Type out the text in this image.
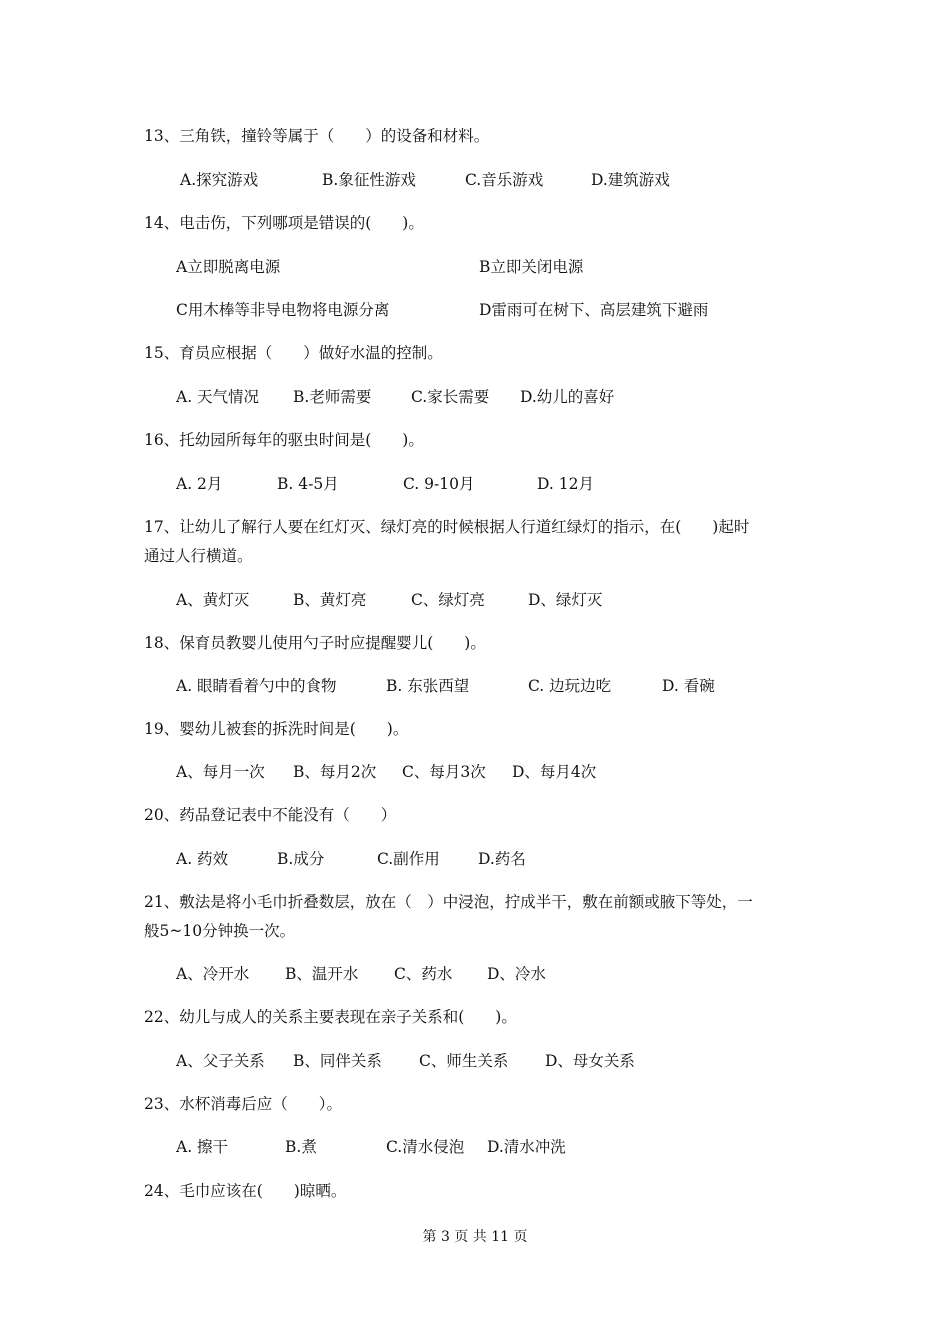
13、三角铁，撞铃等属于（　　）的设备和材料。
A.探究游戏	B.象征性游戏	C.音乐游戏	D.建筑游戏
14、电击伤，下列哪项是错误的(　　)。
A立即脱离电源	B立即关闭电源
C用木棒等非导电物将电源分离	D雷雨可在树下、高层建筑下避雨
15、育员应根据（　　）做好水温的控制。
A. 天气情况 B.老师需要	C.家长需要 D.幼儿的喜好
16、托幼园所每年的驱虫时间是(　　)。
A. 2月	B. 4-5月	C. 9-10月	D. 12月
17、让幼儿了解行人要在红灯灭、绿灯亮的时候根据人行道红绿灯的指示，在(　　)起时
通过人行横道。
A、黄灯灭	B、黄灯亮	C、绿灯亮	D、绿灯灭
18、保育员教婴儿使用勺子时应提醒婴儿(　　)。
A. 眼睛看着勺中的食物	B. 东张西望	C. 边玩边吃	D. 看碗
19、婴幼儿被套的拆洗时间是(　　)。
A、每月一次 B、每月2次 C、每月3次 D、每月4次
20、药品登记表中不能没有（　　）
A. 药效	B.成分	C.副作用 D.药名
21、敷法是将小毛巾折叠数层，放在（　）中浸泡，拧成半干，敷在前额或腋下等处，一
般5~10分钟换一次。
A、冷开水 B、温开水 C、药水 D、冷水
22、幼儿与成人的关系主要表现在亲子关系和(　　)。
A、父子关系 B、同伴关系 C、师生关系 D、母女关系
23、水杯消毒后应（　　）。
A. 擦干	B.煮	C.清水侵泡 D.清水冲洗
24、毛巾应该在(　　)晾晒。
第 3 页 共 11 页
